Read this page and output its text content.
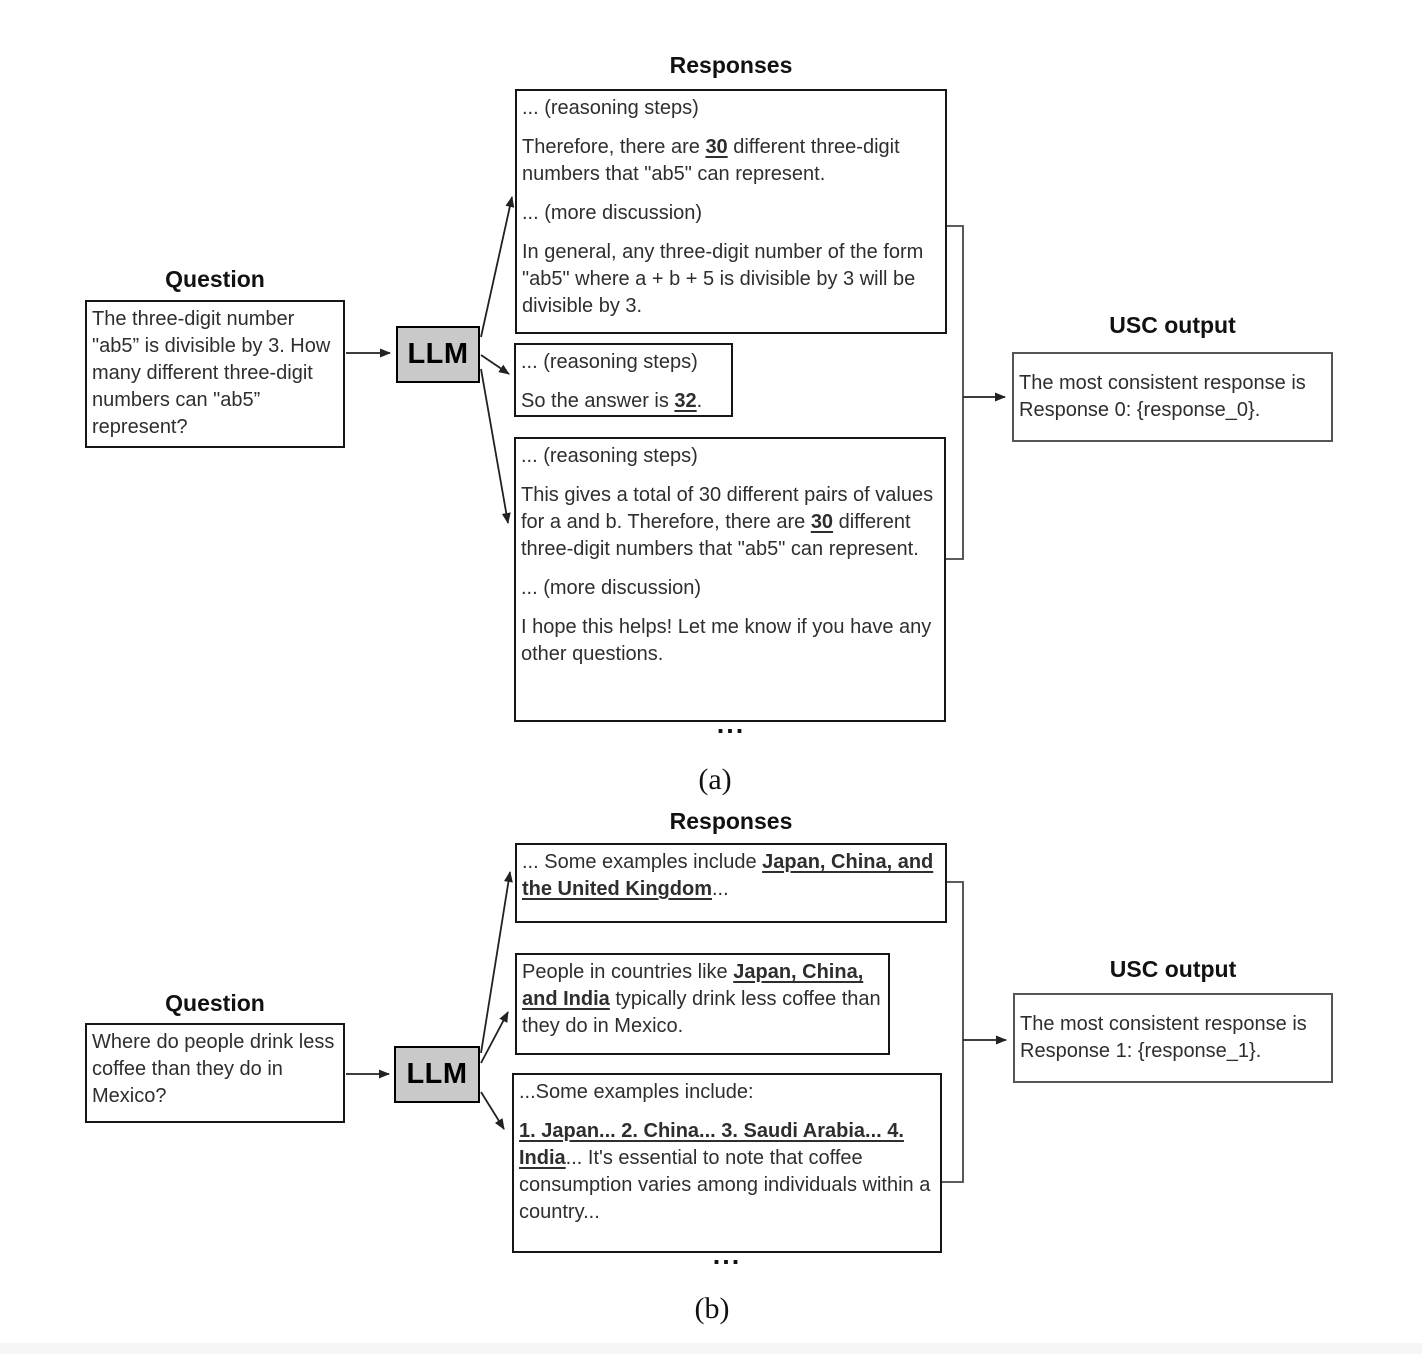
Question

The three-digit number "ab5” is divisible by 3. How many different three-digit numbers can "ab5” represent?

LLM
Responses

... (reasoning steps)

Therefore, there are 30 different three-digit numbers that "ab5" can represent.

... (more discussion)

In general, any three-digit number of the form "ab5" where a + b + 5 is divisible by 3 will be divisible by 3.

... (reasoning steps)

So the answer is 32.

... (reasoning steps)

This gives a total of 30 different pairs of values for a and b. Therefore, there are 30 different three-digit numbers that "ab5" can represent.

... (more discussion)

I hope this helps! Let me know if you have any other questions.

...
USC output

The most consistent response is Response 0: {response_0}.

(a)
Responses

... Some examples include Japan, China, and the United Kingdom...

People in countries like Japan, China, and India typically drink less coffee than they do in Mexico.

...Some examples include:

1. Japan... 2. China... 3. Saudi Arabia... 4. India... It's essential to note that coffee consumption varies among individuals within a country...

...
Question

Where do people drink less coffee than they do in Mexico?

LLM
USC output

The most consistent response is Response 1: {response_1}.

(b)
